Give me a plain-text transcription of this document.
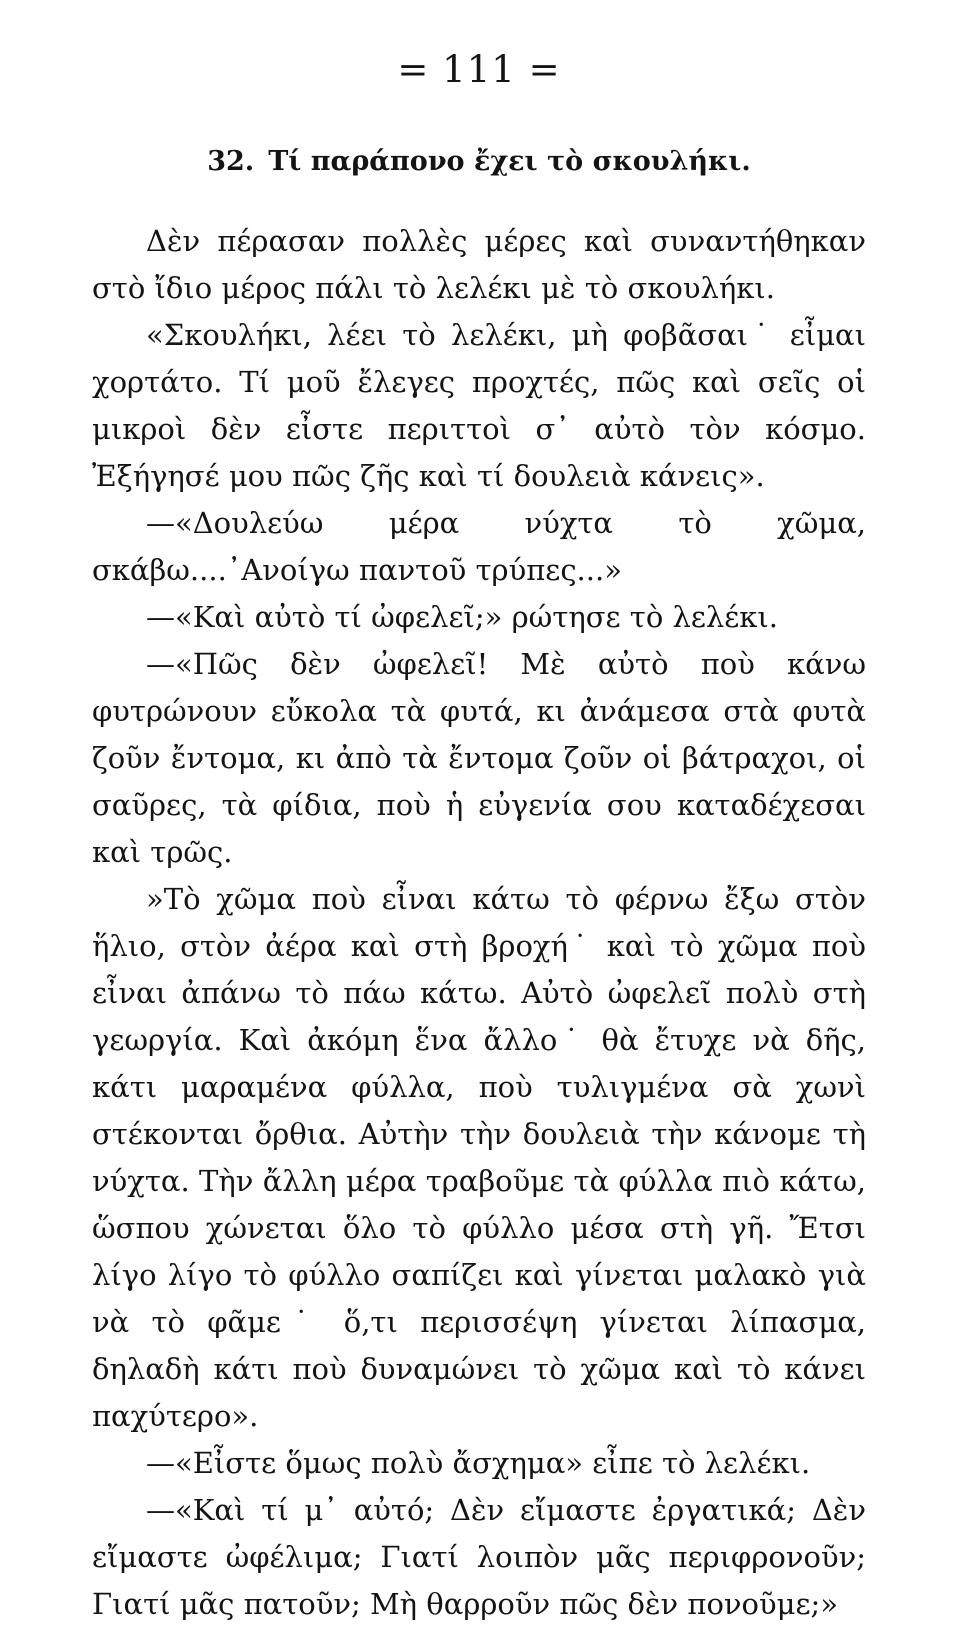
= 111 =
32. Τί παράπονο ἔχει τὸ σκουλήκι.

Δὲν πέρασαν πολλὲς μέρες καὶ συναντήθηκαν στὸ ἴδιο μέρος πάλι τὸ λελέκι μὲ τὸ σκουλήκι.

«Σκουλήκι, λέει τὸ λελέκι, μὴ φοβᾶσαι˙ εἶμαι χορτάτο. Τί μοῦ ἔλεγες προχτές, πῶς καὶ σεῖς οἱ μικροὶ δὲν εἶστε περιττοὶ σ᾽ αὐτὸ τὸν κόσμο. Ἐξήγησέ μου πῶς ζῆς καὶ τί δουλειὰ κάνεις».

—«Δουλεύω μέρα νύχτα τὸ χῶμα, σκάβω....᾽Ανοίγω παντοῦ τρύπες...»

—«Καὶ αὐτὸ τί ὠφελεῖ;» ρώτησε τὸ λελέκι.

—«Πῶς δὲν ὠφελεῖ! Μὲ αὐτὸ ποὺ κάνω φυτρώνουν εὔκολα τὰ φυτά, κι ἀνάμεσα στὰ φυτὰ ζοῦν ἔντομα, κι ἀπὸ τὰ ἔντομα ζοῦν οἱ βάτραχοι, οἱ σαῦρες, τὰ φίδια, ποὺ ἡ εὐγενία σου καταδέχεσαι καὶ τρῶς.

»Τὸ χῶμα ποὺ εἶναι κάτω τὸ φέρνω ἔξω στὸν ἥλιο, στὸν ἀέρα καὶ στὴ βροχή˙ καὶ τὸ χῶμα ποὺ εἶναι ἀπάνω τὸ πάω κάτω. Αὐτὸ ὠφελεῖ πολὺ στὴ γεωργία. Καὶ ἀκόμη ἕνα ἄλλο˙ θὰ ἔτυχε νὰ δῆς, κάτι μαραμένα φύλλα, ποὺ τυλιγμένα σὰ χωνὶ στέκονται ὄρθια. Αὐτὴν τὴν δουλειὰ τὴν κάνομε τὴ νύχτα. Τὴν ἄλλη μέρα τραβοῦμε τὰ φύλλα πιὸ κάτω, ὥσπου χώνεται ὅλο τὸ φύλλο μέσα στὴ γῆ. Ἔτσι λίγο λίγο τὸ φύλλο σαπίζει καὶ γίνεται μαλακὸ γιὰ νὰ τὸ φᾶμε˙ ὅ,τι περισσέψη γίνεται λίπασμα, δηλαδὴ κάτι ποὺ δυναμώνει τὸ χῶμα καὶ τὸ κάνει παχύτερο».

—«Εἶστε ὅμως πολὺ ἄσχημα» εἶπε τὸ λελέκι.

—«Καὶ τί μ᾽ αὐτό; Δὲν εἴμαστε ἐργατικά; Δὲν εἴμαστε ὠφέλιμα; Γιατί λοιπὸν μᾶς περιφρονοῦν; Γιατί μᾶς πατοῦν; Μὴ θαρροῦν πῶς δὲν πονοῦμε;»
